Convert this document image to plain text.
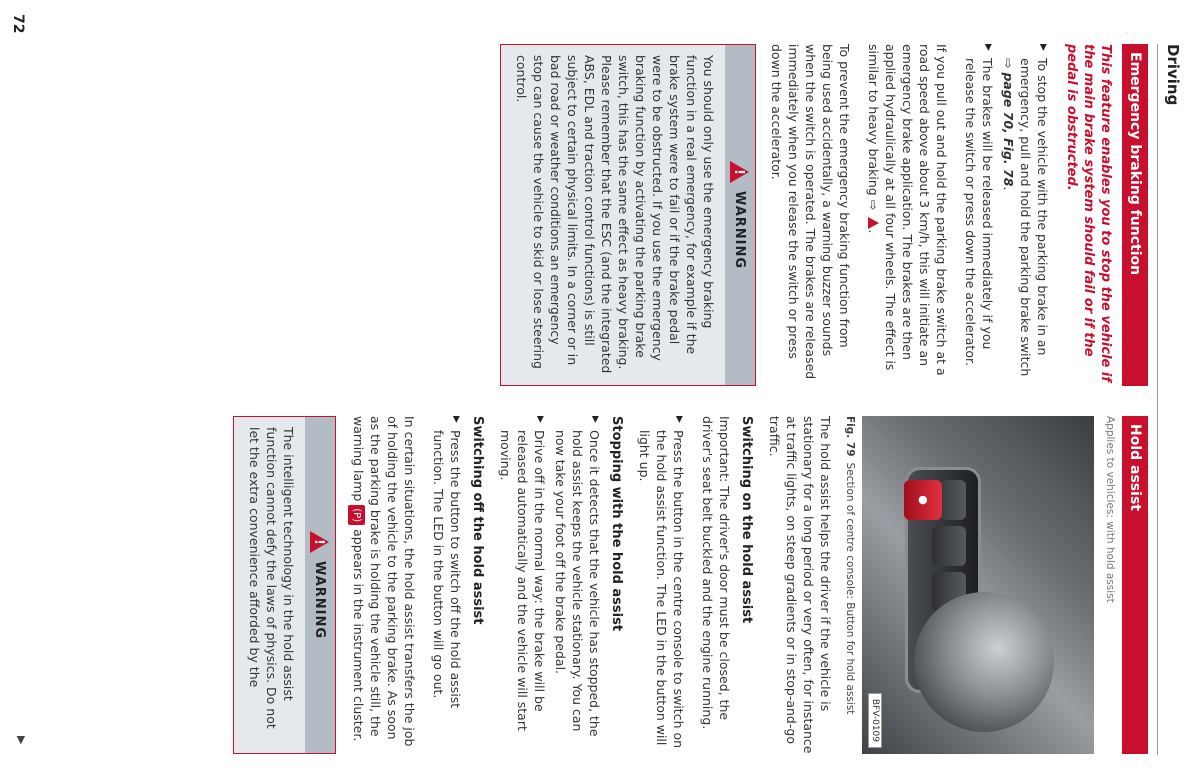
Driving
Emergency braking function
This feature enables you to stop the vehicle if the main brake system should fail or if the pedal is obstructed.
▶
To stop the vehicle with the parking brake in an emergency, pull and hold the parking brake switch ⇨ page 70, Fig. 78.
▶
The brakes will be released immediately if you release the switch or press down the accelerator.

If you pull out and hold the parking brake switch at a road speed above about 3 km/h, this will initiate an emergency brake application. The brakes are then applied hydraulically at all four wheels. The effect is similar to heavy braking ⇨ .

To prevent the emergency braking function from being used accidentally, a warning buzzer sounds when the switch is operated. The brakes are released immediately when you release the switch or press down the accelerator.

!
WARNING
You should only use the emergency braking function in a real emergency, for example if the brake system were to fail or if the brake pedal were to be obstructed. If you use the emergency braking function by activating the parking brake switch, this has the same effect as heavy braking. Please remember that the ESC (and the integrated ABS, EDL and traction control functions) is still subject to certain physical limits. In a corner or in bad road or weather conditions an emergency stop can cause the vehicle to skid or lose steering control.
Hold assist
Applies to vehicles: with hold assist
●
BFV-0109
Fig. 79Section of centre console: Button for hold assist

The hold assist helps the driver if the vehicle is stationary for a long period or very often, for instance at traffic lights, on steep gradients or in stop-and-go traffic.

Switching on the hold assist

Important: The driver's door must be closed, the driver's seat belt buckled and the engine running.

▶
Press the button in the centre console to switch on the hold assist function. The LED in the button will light up.
Stopping with the hold assist
▶
Once it detects that the vehicle has stopped, the hold assist keeps the vehicle stationary. You can now take your foot off the brake pedal.
▶
Drive off in the normal way: the brake will be released automatically and the vehicle will start moving.
Switching off the hold assist
▶
Press the button to switch off the hold assist function. The LED in the button will go out.

In certain situations, the hold assist transfers the job of holding the vehicle to the parking brake. As soon as the parking brake is holding the vehicle still, the warning lamp (P) appears in the instrument cluster.

!
WARNING
The intelligent technology in the hold assist function cannot defy the laws of physics. Do not let the extra convenience afforded by the
72
▶
